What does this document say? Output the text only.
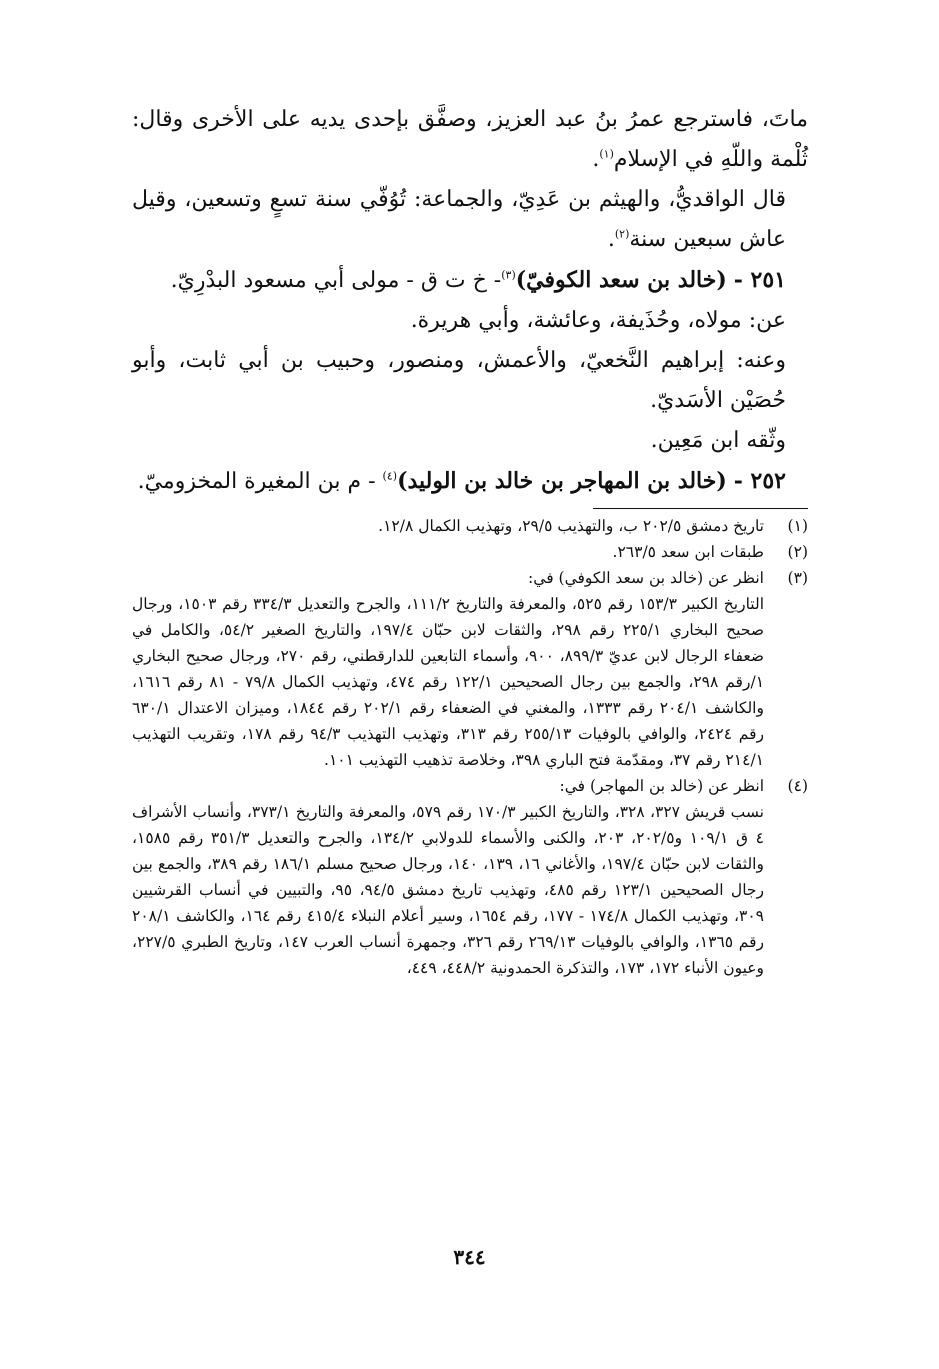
ماتَ، فاسترجع عمرُ بنُ عبد العزيز، وصفَّق بإحدى يديه على الأخرى وقال: ثُلْمة واللّهِ في الإسلام$^{(١)}$.

قال الواقديُّ، والهيثم بن عَدِيّ، والجماعة: تُوُفّي سنة تسعٍ وتسعين، وقيل عاش سبعين سنة$^{(٢)}$.

٢٥١ - (خالد بن سعد الكوفيّ)$^{(٣)}$- خ ت ق - مولى أبي مسعود البدْرِيّ.

عن: مولاه، وحُذَيفة، وعائشة، وأبي هريرة.

وعنه: إبراهيم النَّخعيّ، والأعمش، ومنصور، وحبيب بن أبي ثابت، وأبو حُصَيْن الأسَديّ.

وثّقه ابن مَعِين.

٢٥٢ - (خالد بن المهاجر بن خالد بن الوليد)$^{(٤)}$ - م بن المغيرة المخزوميّ.

(١)

تاريخ دمشق ٢٠٢/٥ ب، والتهذيب ٢٩/٥، وتهذيب الكمال ١٢/٨.

(٢)

طبقات ابن سعد ٢٦٣/٥.

(٣)

انظر عن (خالد بن سعد الكوفي) في:

التاريخ الكبير ١٥٣/٣ رقم ٥٢٥، والمعرفة والتاريخ ١١١/٢، والجرح والتعديل ٣٣٤/٣ رقم ١٥٠٣، ورجال صحيح البخاري ٢٢٥/١ رقم ٢٩٨، والثقات لابن حبّان ١٩٧/٤، والتاريخ الصغير ٥٤/٢، والكامل في ضعفاء الرجال لابن عديّ ٨٩٩/٣، ٩٠٠، وأسماء التابعين للدارقطني، رقم ٢٧٠، ورجال صحيح البخاري ١/رقم ٢٩٨، والجمع بين رجال الصحيحين ١٢٢/١ رقم ٤٧٤، وتهذيب الكمال ٧٩/٨ - ٨١ رقم ١٦١٦، والكاشف ٢٠٤/١ رقم ١٣٣٣، والمغني في الضعفاء رقم ٢٠٢/١ رقم ١٨٤٤، وميزان الاعتدال ٦٣٠/١ رقم ٢٤٢٤، والوافي بالوفيات ٢٥٥/١٣ رقم ٣١٣، وتهذيب التهذيب ٩٤/٣ رقم ١٧٨، وتقريب التهذيب ٢١٤/١ رقم ٣٧، ومقدّمة فتح الباري ٣٩٨، وخلاصة تذهيب التهذيب ١٠١.

(٤)

انظر عن (خالد بن المهاجر) في:

نسب قريش ٣٢٧، ٣٢٨، والتاريخ الكبير ١٧٠/٣ رقم ٥٧٩، والمعرفة والتاريخ ٣٧٣/١، وأنساب الأشراف ٤ ق ١٠٩/١ و٢٠٢/٥، ٢٠٣، والكنى والأسماء للدولابي ١٣٤/٢، والجرح والتعديل ٣٥١/٣ رقم ١٥٨٥، والثقات لابن حبّان ١٩٧/٤، والأغاني ١٦، ١٣٩، ١٤٠، ورجال صحيح مسلم ١٨٦/١ رقم ٣٨٩، والجمع بين رجال الصحيحين ١٢٣/١ رقم ٤٨٥، وتهذيب تاريخ دمشق ٩٤/٥، ٩٥، والتبيين في أنساب القرشيين ٣٠٩، وتهذيب الكمال ١٧٤/٨ - ١٧٧، رقم ١٦٥٤، وسير أعلام النبلاء ٤١٥/٤ رقم ١٦٤، والكاشف ٢٠٨/١ رقم ١٣٦٥، والوافي بالوفيات ٢٦٩/١٣ رقم ٣٢٦، وجمهرة أنساب العرب ١٤٧، وتاريخ الطبري ٢٢٧/٥، وعيون الأنباء ١٧٢، ١٧٣، والتذكرة الحمدونية ٤٤٨/٢، ٤٤٩،

٣٤٤
